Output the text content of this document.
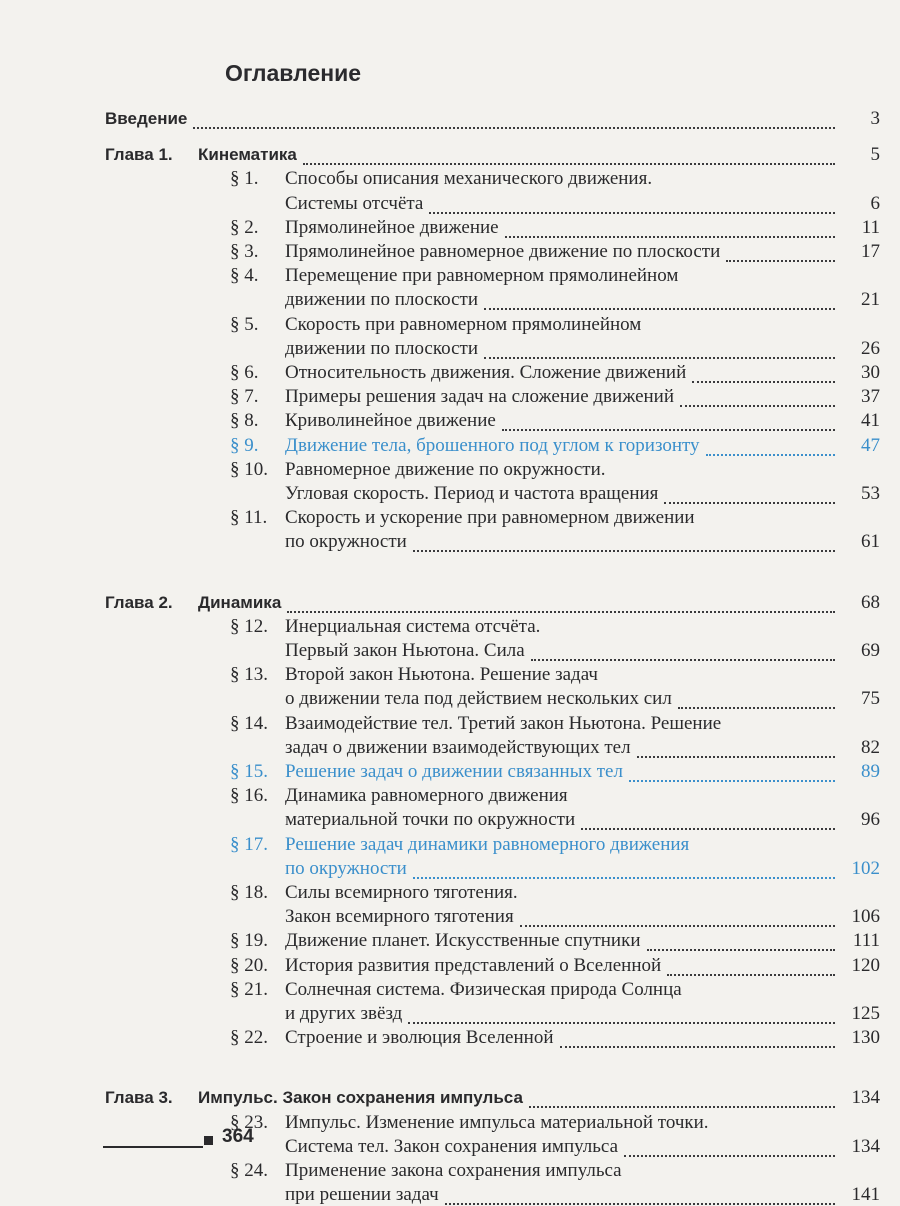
Оглавление
Введение	3
Глава 1. Кинематика	5
§ 1. Способы описания механического движения.
Системы отсчёта	6
§ 2. Прямолинейное движение	11
§ 3. Прямолинейное равномерное движение по плоскости	17
§ 4. Перемещение при равномерном прямолинейном
движении по плоскости	21
§ 5. Скорость при равномерном прямолинейном
движении по плоскости	26
§ 6. Относительность движения. Сложение движений	30
§ 7. Примеры решения задач на сложение движений	37
§ 8. Криволинейное движение	41
§ 9. Движение тела, брошенного под углом к горизонту	47
§ 10. Равномерное движение по окружности.
Угловая скорость. Период и частота вращения	53
§ 11. Скорость и ускорение при равномерном движении
по окружности	61
Глава 2. Динамика	68
§ 12. Инерциальная система отсчёта.
Первый закон Ньютона. Сила	69
§ 13. Второй закон Ньютона. Решение задач
о движении тела под действием нескольких сил	75
§ 14. Взаимодействие тел. Третий закон Ньютона. Решение
задач о движении взаимодействующих тел	82
§ 15. Решение задач о движении связанных тел	89
§ 16. Динамика равномерного движения
материальной точки по окружности	96
§ 17. Решение задач динамики равномерного движения
по окружности	102
§ 18. Силы всемирного тяготения.
Закон всемирного тяготения	106
§ 19. Движение планет. Искусственные спутники	111
§ 20. История развития представлений о Вселенной	120
§ 21. Солнечная система. Физическая природа Солнца
и других звёзд	125
§ 22. Строение и эволюция Вселенной	130
Глава 3. Импульс. Закон сохранения импульса	134
§ 23. Импульс. Изменение импульса материальной точки.
Система тел. Закон сохранения импульса	134
§ 24. Применение закона сохранения импульса
при решении задач	141
364
